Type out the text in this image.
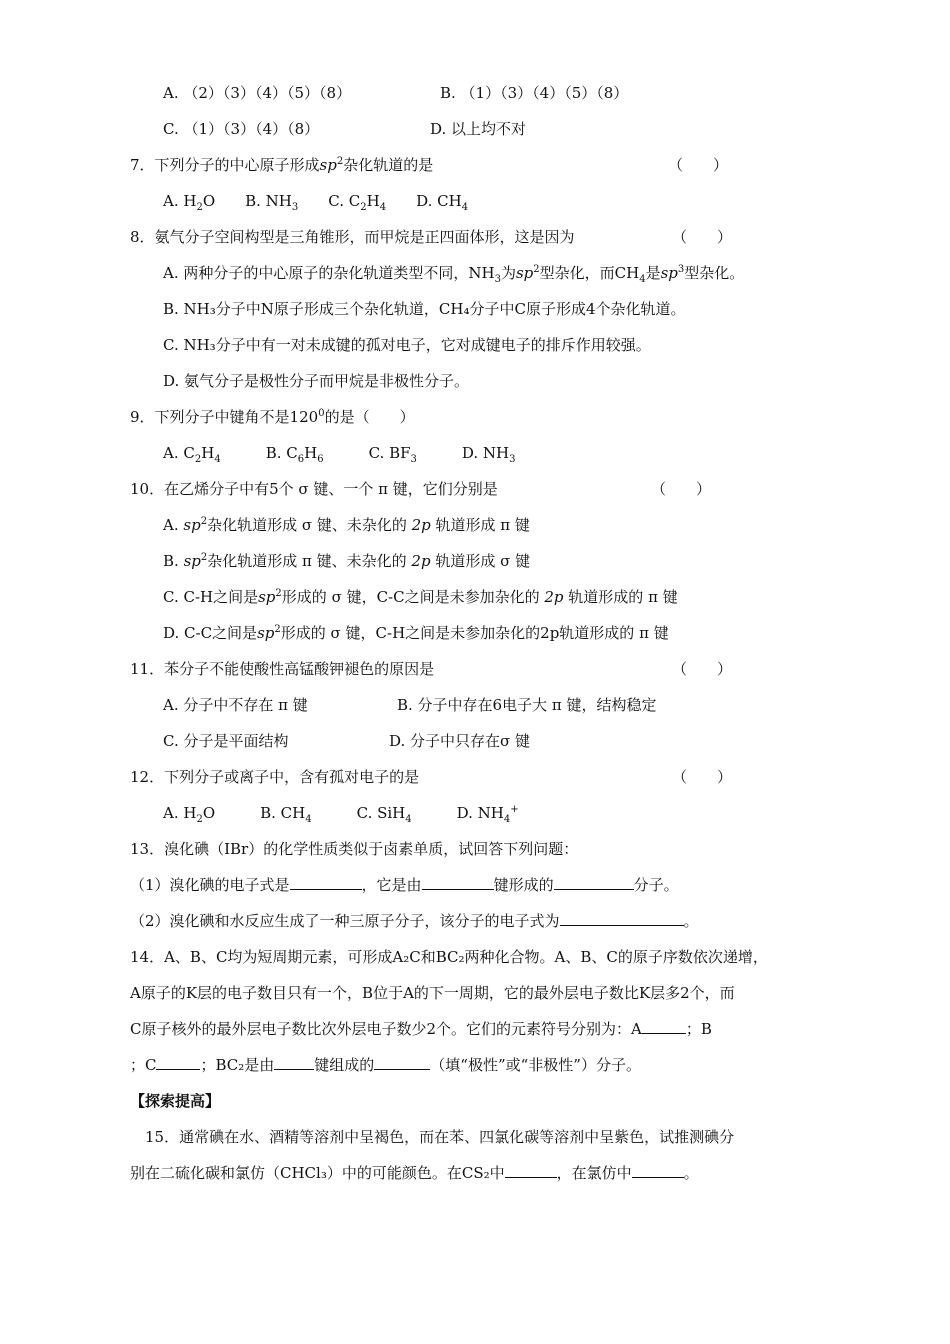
A. （2）（3）（4）（5）（8）	B. （1）（3）（4）（5）（8）
C. （1）（3）（4）（8）	D. 以上均不对
7．下列分子的中心原子形成$sp^2$杂化轨道的是	（　　）
A. $H_2O$　　B. $NH_3$　　C. $C_2H_4$　　D. $CH_4$
8．氨气分子空间构型是三角锥形，而甲烷是正四面体形，这是因为	（　　）
A. 两种分子的中心原子的杂化轨道类型不同，$NH_3$为$sp^2$型杂化，而$CH_4$是$sp^3$型杂化。
B. NH₃分子中N原子形成三个杂化轨道，CH₄分子中C原子形成4个杂化轨道。
C. NH₃分子中有一对未成键的孤对电子，它对成键电子的排斥作用较强。
D. 氨气分子是极性分子而甲烷是非极性分子。
9．下列分子中键角不是$120^0$的是（　　）
A. $C_2H_4$　　　B. $C_6H_6$　　　C. $BF_3$　　　D. $NH_3$
10．在乙烯分子中有5个 σ 键、一个 π 键，它们分别是	（　　）
A. $sp^2$杂化轨道形成 σ 键、未杂化的 2p 轨道形成 π 键
B. $sp^2$杂化轨道形成 π 键、未杂化的 2p 轨道形成 σ 键
C. C-H之间是$sp^2$形成的 σ 键，C-C之间是未参加杂化的 2p 轨道形成的 π 键
D. C-C之间是$sp^2$形成的 σ 键，C-H之间是未参加杂化的2p轨道形成的 π 键
11．苯分子不能使酸性高锰酸钾褪色的原因是	（　　）
A. 分子中不存在 π 键	B. 分子中存在6电子大 π 键，结构稳定
C. 分子是平面结构	D. 分子中只存在σ 键
12．下列分子或离子中，含有孤对电子的是	（　　）
A. $H_2O$　　　B. $CH_4$　　　C. SiH$_4$　　　D. $NH_4^+$
13．溴化碘（IBr）的化学性质类似于卤素单质，试回答下列问题：
（1）溴化碘的电子式是	，它是由	键形成的	分子。
（2）溴化碘和水反应生成了一种三原子分子，该分子的电子式为	。
14．A、B、C均为短周期元素，可形成A₂C和BC₂两种化合物。A、B、C的原子序数依次递增，
A原子的K层的电子数目只有一个，B位于A的下一周期，它的最外层电子数比K层多2个，而
C原子核外的最外层电子数比次外层电子数少2个。它们的元素符号分别为：A	；B
；C	；BC₂是由	键组成的	（填“极性”或“非极性”）分子。
【探索提高】
15．通常碘在水、酒精等溶剂中呈褐色，而在苯、四氯化碳等溶剂中呈紫色，试推测碘分
别在二硫化碳和氯仿（CHCl₃）中的可能颜色。在CS₂中	，在氯仿中	。
